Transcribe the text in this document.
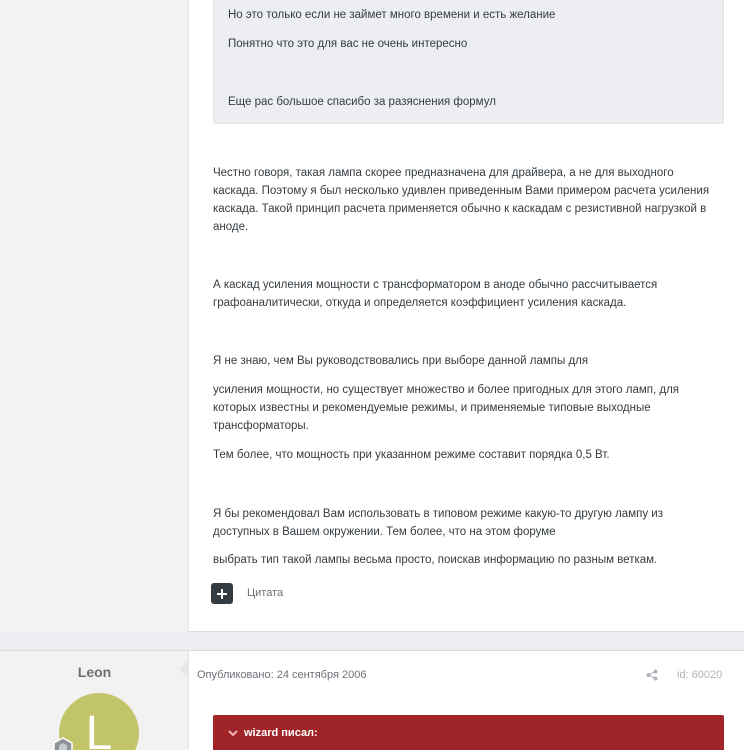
Но это только если не займет много времени и есть желание

Понятно что это для вас не очень интересно

Еще рас большое спасибо за разяснения формул

Честно говоря, такая лампа скорее предназначена для драйвера, а не для выходного каскада. Поэтому я был несколько удивлен приведенным Вами примером расчета усиления каскада. Такой принцип расчета применяется обычно к каскадам с резистивной нагрузкой в аноде.
А каскад усиления мощности с трансформатором в аноде обычно рассчитывается графоаналитически, откуда и определяется коэффициент усиления каскада.
Я не знаю, чем Вы руководствовались при выборе данной лампы для
усиления мощности, но существует множество и более пригодных для этого ламп, для которых известны и рекомендуемые режимы, и применяемые типовые выходные трансформаторы.
Тем более, что мощность при указанном режиме составит порядка 0,5 Вт.
Я бы рекомендовал Вам использовать в типовом режиме какую-то другую лампу из доступных в Вашем окружении. Тем более, что на этом форуме
выбрать тип такой лампы весьма просто, поискав информацию по разным веткам.
Цитата
Leon
L
Опубликовано: 24 сентября 2006	id: 60020
wizard писал:
